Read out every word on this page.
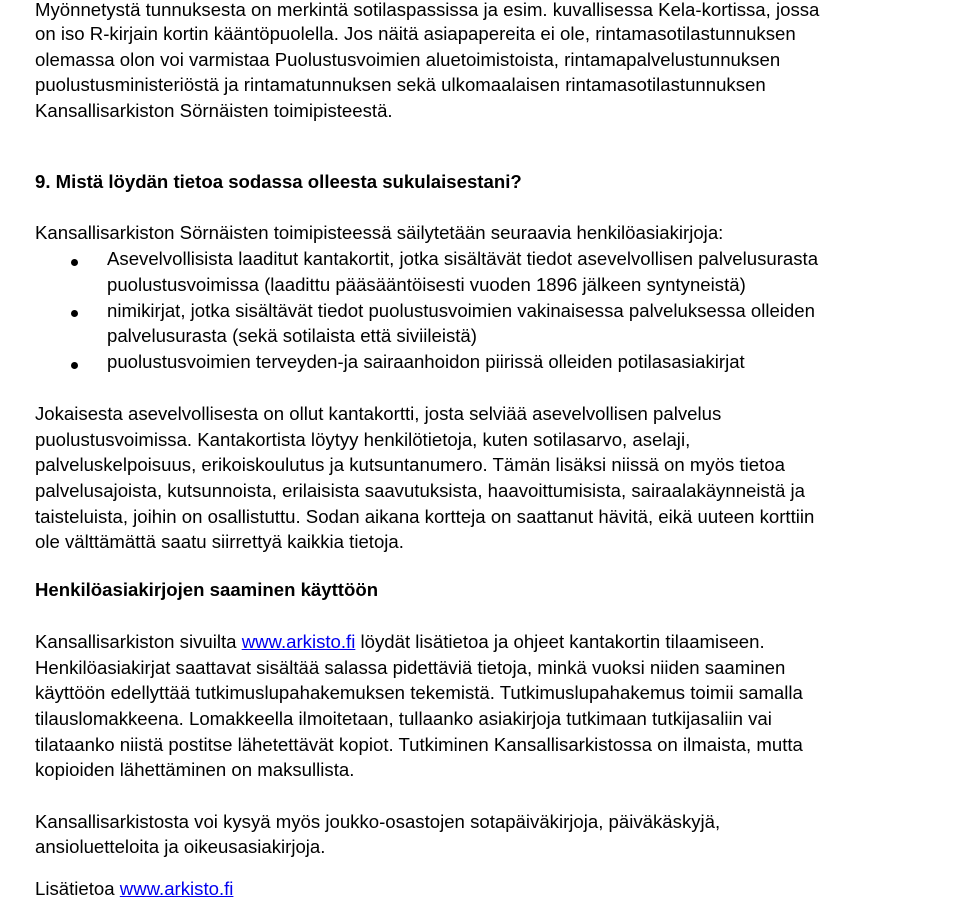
Myönnetystä tunnuksesta on merkintä sotilaspassissa ja esim. kuvallisessa Kela-kortissa, jossa
on iso R-kirjain kortin kääntöpuolella. Jos näitä asiapapereita ei ole, rintamasotilastunnuksen
olemassa olon voi varmistaa Puolustusvoimien aluetoimistoista, rintamapalvelustunnuksen
puolustusministeriöstä ja rintamatunnuksen sekä ulkomaalaisen rintamasotilastunnuksen
Kansallisarkiston Sörnäisten toimipisteestä.
9. Mistä löydän tietoa sodassa olleesta sukulaisestani?
Kansallisarkiston Sörnäisten toimipisteessä säilytetään seuraavia henkilöasiakirjoja:
Asevelvollisista laaditut kantakortit, jotka sisältävät tiedot asevelvollisen palvelusurasta
puolustusvoimissa (laadittu pääsääntöisesti vuoden 1896 jälkeen syntyneistä)
nimikirjat, jotka sisältävät tiedot puolustusvoimien vakinaisessa palveluksessa olleiden
palvelusurasta (sekä sotilaista että siviileistä)
puolustusvoimien terveyden-ja sairaanhoidon piirissä olleiden potilasasiakirjat
Jokaisesta asevelvollisesta on ollut kantakortti, josta selviää asevelvollisen palvelus
puolustusvoimissa. Kantakortista löytyy henkilötietoja, kuten sotilasarvo, aselaji,
palveluskelpoisuus, erikoiskoulutus ja kutsuntanumero. Tämän lisäksi niissä on myös tietoa
palvelusajoista, kutsunnoista, erilaisista saavutuksista, haavoittumisista, sairaalakäynneistä ja
taisteluista, joihin on osallistuttu. Sodan aikana kortteja on saattanut hävitä, eikä uuteen korttiin
ole välttämättä saatu siirrettyä kaikkia tietoja.
Henkilöasiakirjojen saaminen käyttöön
Kansallisarkiston sivuilta www.arkisto.fi löydät lisätietoa ja ohjeet kantakortin tilaamiseen.
Henkilöasiakirjat saattavat sisältää salassa pidettäviä tietoja, minkä vuoksi niiden saaminen
käyttöön edellyttää tutkimuslupahakemuksen tekemistä. Tutkimuslupahakemus toimii samalla
tilauslomakkeena. Lomakkeella ilmoitetaan, tullaanko asiakirjoja tutkimaan tutkijasaliin vai
tilataanko niistä postitse lähetettävät kopiot. Tutkiminen Kansallisarkistossa on ilmaista, mutta
kopioiden lähettäminen on maksullista.
Kansallisarkistosta voi kysyä myös joukko-osastojen sotapäiväkirjoja, päiväkäskyjä,
ansioluetteloita ja oikeusasiakirjoja.
Lisätietoa www.arkisto.fi
